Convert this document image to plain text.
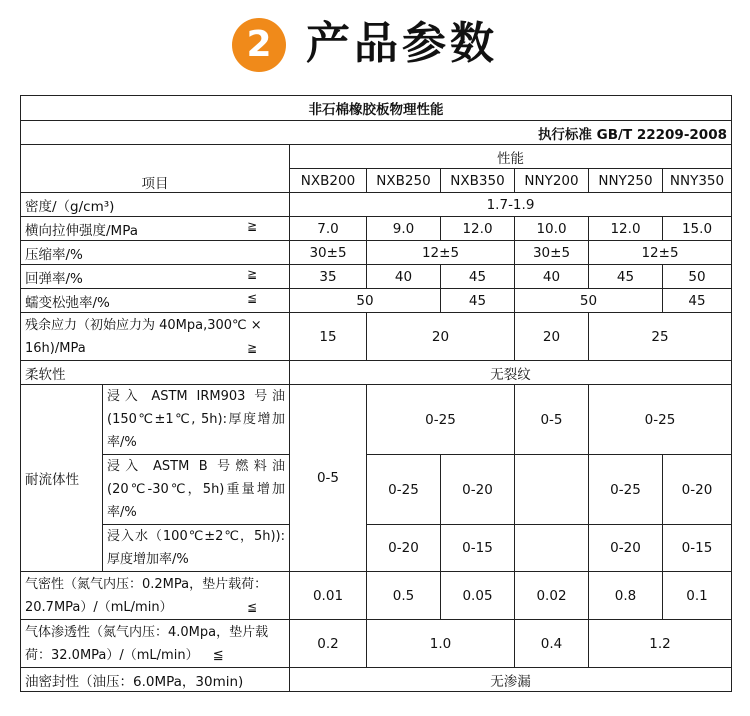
2 产品参数
非石棉橡胶板物理性能							
执行标准 GB/T 22209-2008							
项目		性能					
		NXB200	NXB250	NXB350	NNY200	NNY250	NNY350
密度/（g/cm³)		1.7-1.9					
横向拉伸强度/MPa ≧		7.0	9.0	12.0	10.0	12.0	15.0
压缩率/%		30±5	12±5		30±5	12±5	
回弹率/% ≧		35	40	45	40	45	50
蠕变松弛率/% ≦		50		45	50		45

残余应力（初始应力为 40Mpa,300℃ ×
16h)/MPa ≧		15	20		20	25	
柔软性		无裂纹					
耐流体性	浸入 ASTM IRM903 号油(150℃±1℃, 5h):厚度增加率/%	0-5	0-25		0-5	0-25	
	浸入 ASTM B 号燃料油(20℃-30℃，5h)重量增加率/%		0-25	0-20		0-25	0-20
	浸入水（100℃±2℃，5h)):厚度增加率/%		0-20	0-15		0-20	0-15

气密性（氮气内压：0.2MPa，垫片载荷：
20.7MPa）/（mL/min） ≦		0.01	0.5	0.05	0.02	0.8	0.1

气体渗透性（氮气内压：4.0Mpa，垫片载
荷：32.0MPa）/（mL/min） ≦		0.2	1.0		0.4	1.2	
油密封性（油压：6.0MPa，30min)		无渗漏					
